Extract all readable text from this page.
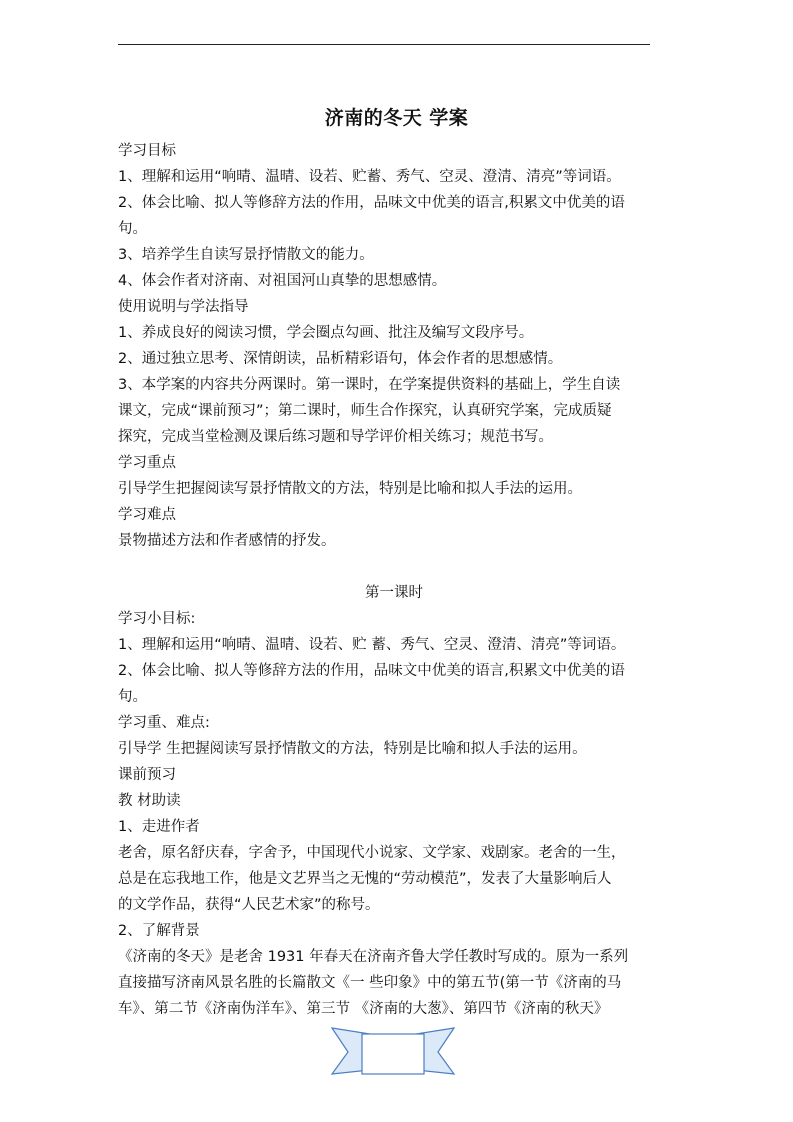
济南的冬天 学案
学习目标
1、理解和运用“响晴、温晴、设若、贮蓄、秀气、空灵、澄清、清亮”等词语。
2、体会比喻、拟人等修辞方法的作用，品味文中优美的语言,积累文中优美的语
句。
3、培养学生自读写景抒情散文的能力。
4、体会作者对济南、对祖国河山真挚的思想感情。
使用说明与学法指导
1、养成良好的阅读习惯，学会圈点勾画、批注及编写文段序号。
2、通过独立思考、深情朗读，品析精彩语句，体会作者的思想感情。
3、本学案的内容共分两课时。第一课时，在学案提供资料的基础上，学生自读
课文，完成“课前预习”；第二课时，师生合作探究，认真研究学案，完成质疑
探究，完成当堂检测及课后练习题和导学评价相关练习；规范书写。
学习重点
引导学生把握阅读写景抒情散文的方法，特别是比喻和拟人手法的运用。
学习难点
景物描述方法和作者感情的抒发。
第一课时
学习小目标:
1、理解和运用“响晴、温晴、设若、贮 蓄、秀气、空灵、澄清、清亮”等词语。
2、体会比喻、拟人等修辞方法的作用，品味文中优美的语言,积累文中优美的语
句。
学习重、难点:
引导学 生把握阅读写景抒情散文的方法，特别是比喻和拟人手法的运用。
课前预习
教 材助读
1、走进作者
老舍，原名舒庆春，字舍予，中国现代小说家、文学家、戏剧家。老舍的一生，
总是在忘我地工作，他是文艺界当之无愧的“劳动模范”，发表了大量影响后人
的文学作品，获得“人民艺术家”的称号。
2、了解背景
《济南的冬天》是老舍 1931 年春天在济南齐鲁大学任教时写成的。原为一系列
直接描写济南风景名胜的长篇散文《一 些印象》中的第五节(第一节《济南的马
车》、第二节《济南伪洋车》、第三节 《济南的大葱》、第四节《济南的秋天》
